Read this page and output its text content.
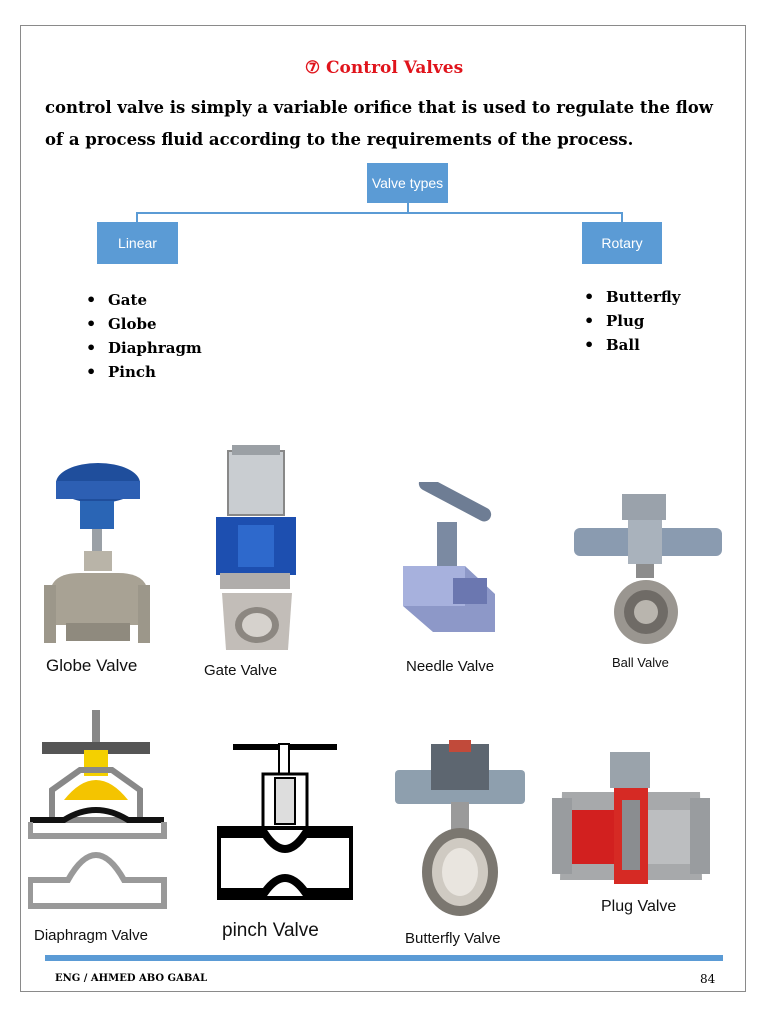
⑦ Control Valves
control valve is simply a variable orifice that is used to regulate the flow of a process fluid according to the requirements of the process.
Valve types
Linear	Rotary
• Gate
• Globe
• Diaphragm
• Pinch
• Butterfly
• Plug
• Ball
Globe Valve	Gate Valve	Needle Valve	Ball Valve
Diaphragm Valve	pinch Valve	Butterfly Valve
Plug Valve
ENG / AHMED ABO GABAL	84
